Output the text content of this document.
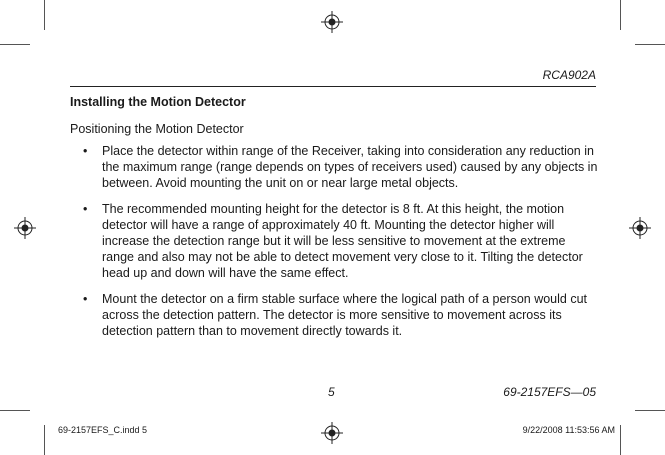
RCA902A
Installing the Motion Detector
Positioning the Motion Detector
• Place the detector within range of the Receiver, taking into consideration any reduction in the maximum range (range depends on types of receivers used) caused by any objects in between. Avoid mounting the unit on or near large metal objects.
• The recommended mounting height for the detector is 8 ft. At this height, the motion detector will have a range of approximately 40 ft. Mounting the detector higher will increase the detection range but it will be less sensitive to movement at the extreme range and also may not be able to detect movement very close to it. Tilting the detector head up and down will have the same effect.
• Mount the detector on a firm stable surface where the logical path of a person would cut across the detection pattern. The detector is more sensitive to movement across its detection pattern than to movement directly towards it.
5	69-2157EFS—05
69-2157EFS_C.indd 5	9/22/2008 11:53:56 AM
